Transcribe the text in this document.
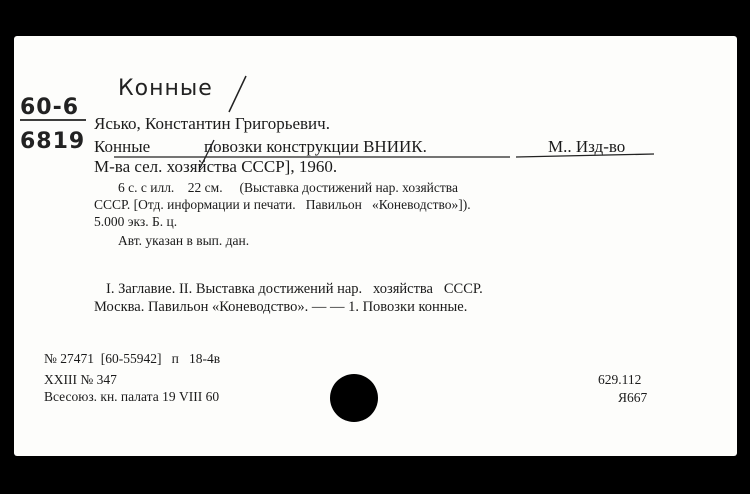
Конные
60-6
6819
Ясько, Константин Григорьевич.
Конные	повозки конструкции ВНИИК.	М.. Изд-во
М-ва сел. хозяйства СССР], 1960.
6 с. с илл.    22 см.     (Выставка достижений нар. хозяйства
СССР. [Отд. информации и печати.   Павильон   «Коневодство»]).
5.000 экз. Б. ц.
Авт. указан в вып. дан.
I. Заглавие. II. Выставка достижений нар.   хозяйства   СССР.
Москва. Павильон «Коневодство». — — 1. Повозки конные.
№ 27471  [60-55942]   п   18-4в
XXIII № 347
Всесоюз. кн. палата 19 VIII 60
629.112
Я667
